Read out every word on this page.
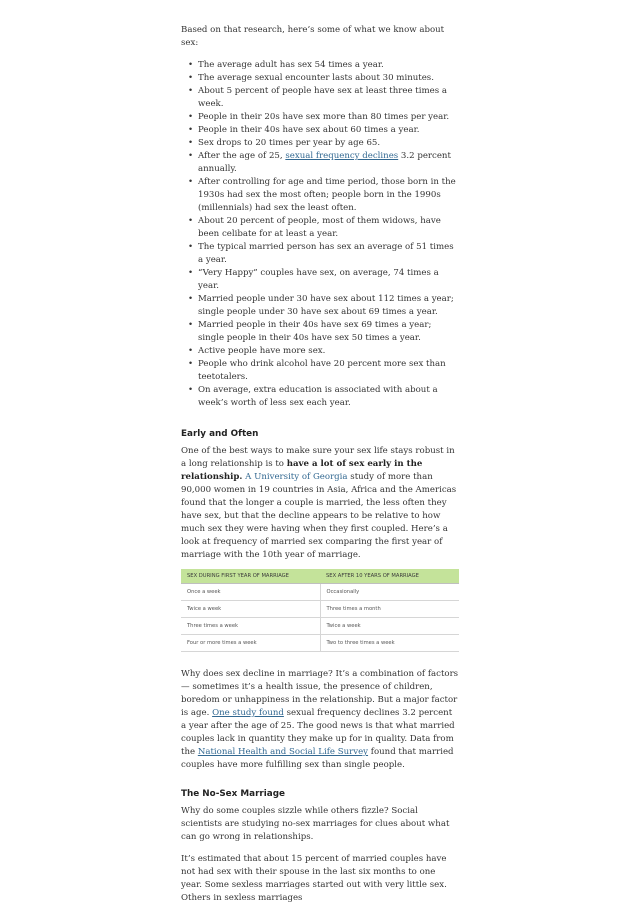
Based on that research, here’s some of what we know about sex:

• The average adult has sex 54 times a year.
• The average sexual encounter lasts about 30 minutes.
• About 5 percent of people have sex at least three times a week.
• People in their 20s have sex more than 80 times per year.
• People in their 40s have sex about 60 times a year.
• Sex drops to 20 times per year by age 65.
• After the age of 25, sexual frequency declines 3.2 percent annually.
• After controlling for age and time period, those born in the 1930s had sex the most often; people born in the 1990s (millennials) had sex the least often.
• About 20 percent of people, most of them widows, have been celibate for at least a year.
• The typical married person has sex an average of 51 times a year.
• “Very Happy” couples have sex, on average, 74 times a year.
• Married people under 30 have sex about 112 times a year; single people under 30 have sex about 69 times a year.
• Married people in their 40s have sex 69 times a year; single people in their 40s have sex 50 times a year.
• Active people have more sex.
• People who drink alcohol have 20 percent more sex than teetotalers.
• On average, extra education is associated with about a week’s worth of less sex each year.
Early and Often

One of the best ways to make sure your sex life stays robust in a long relationship is to have a lot of sex early in the relationship. A University of Georgia study of more than 90,000 women in 19 countries in Asia, Africa and the Americas found that the longer a couple is married, the less often they have sex, but that the decline appears to be relative to how much sex they were having when they first coupled. Here’s a look at frequency of married sex comparing the first year of marriage with the 10th year of marriage.

SEX DURING FIRST YEAR OF MARRIAGE	SEX AFTER 10 YEARS OF MARRIAGE
Once a week	Occasionally
Twice a week	Three times a month
Three times a week	Twice a week
Four or more times a week	Two to three times a week

Why does sex decline in marriage? It’s a combination of factors — sometimes it’s a health issue, the presence of children, boredom or unhappiness in the relationship. But a major factor is age. One study found sexual frequency declines 3.2 percent a year after the age of 25. The good news is that what married couples lack in quantity they make up for in quality. Data from the National Health and Social Life Survey found that married couples have more fulfilling sex than single people.

The No-Sex Marriage

Why do some couples sizzle while others fizzle? Social scientists are studying no-sex marriages for clues about what can go wrong in relationships.

It’s estimated that about 15 percent of married couples have not had sex with their spouse in the last six months to one year. Some sexless marriages started out with very little sex. Others in sexless marriages
